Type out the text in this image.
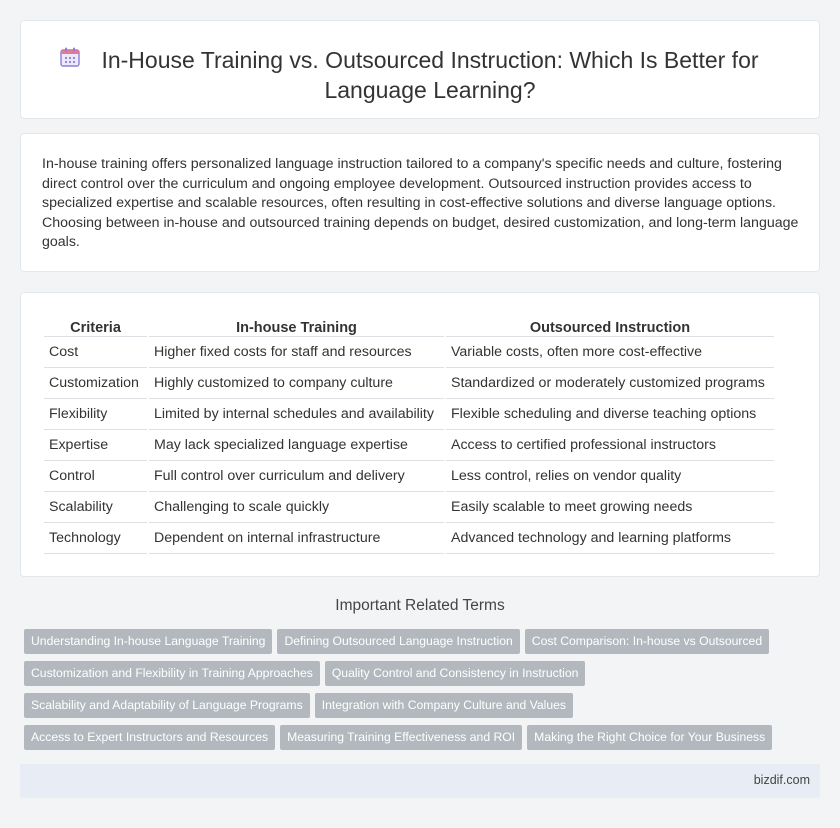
In-House Training vs. Outsourced Instruction: Which Is Better for Language Learning?

In-house training offers personalized language instruction tailored to a company's specific needs and culture, fostering direct control over the curriculum and ongoing employee development. Outsourced instruction provides access to specialized expertise and scalable resources, often resulting in cost-effective solutions and diverse language options. Choosing between in-house and outsourced training depends on budget, desired customization, and long-term language goals.

Criteria	In-house Training	Outsourced Instruction
Cost	Higher fixed costs for staff and resources	Variable costs, often more cost-effective
Customization	Highly customized to company culture	Standardized or moderately customized programs
Flexibility	Limited by internal schedules and availability	Flexible scheduling and diverse teaching options
Expertise	May lack specialized language expertise	Access to certified professional instructors
Control	Full control over curriculum and delivery	Less control, relies on vendor quality
Scalability	Challenging to scale quickly	Easily scalable to meet growing needs
Technology	Dependent on internal infrastructure	Advanced technology and learning platforms
Important Related Terms
Understanding In-house Language Training Defining Outsourced Language Instruction Cost Comparison: In-house vs Outsourced
Customization and Flexibility in Training Approaches Quality Control and Consistency in Instruction
Scalability and Adaptability of Language Programs Integration with Company Culture and Values
Access to Expert Instructors and Resources Measuring Training Effectiveness and ROI Making the Right Choice for Your Business
bizdif.com
